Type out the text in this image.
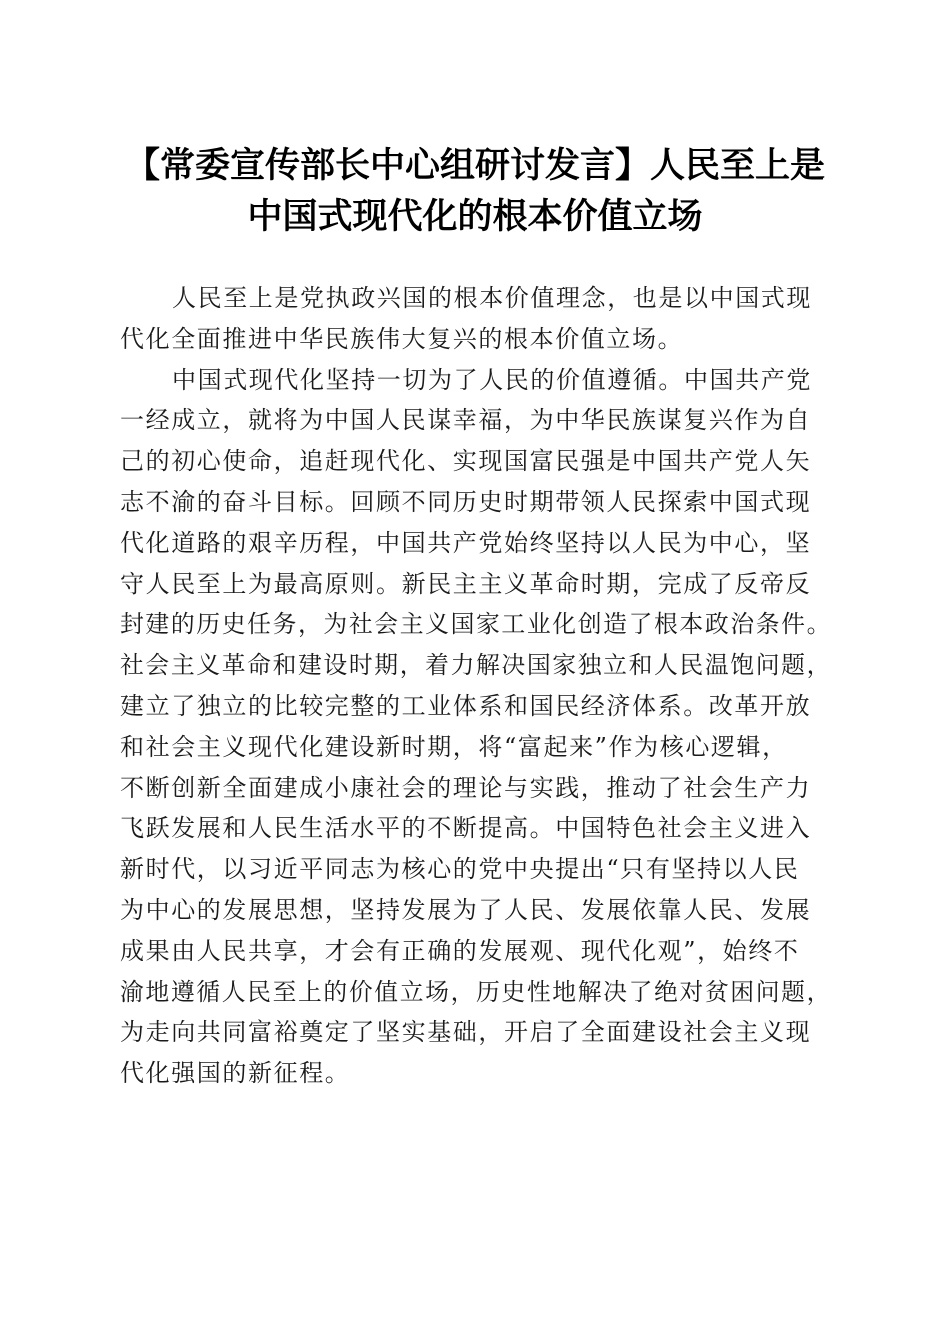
【常委宣传部长中心组研讨发言】人民至上是
中国式现代化的根本价值立场

人民至上是党执政兴国的根本价值理念，也是以中国式现
代化全面推进中华民族伟大复兴的根本价值立场。

中国式现代化坚持一切为了人民的价值遵循。中国共产党
一经成立，就将为中国人民谋幸福，为中华民族谋复兴作为自
己的初心使命，追赶现代化、实现国富民强是中国共产党人矢
志不渝的奋斗目标。回顾不同历史时期带领人民探索中国式现
代化道路的艰辛历程，中国共产党始终坚持以人民为中心，坚
守人民至上为最高原则。新民主主义革命时期，完成了反帝反
封建的历史任务，为社会主义国家工业化创造了根本政治条件。
社会主义革命和建设时期，着力解决国家独立和人民温饱问题，
建立了独立的比较完整的工业体系和国民经济体系。改革开放
和社会主义现代化建设新时期，将“富起来”作为核心逻辑，
不断创新全面建成小康社会的理论与实践，推动了社会生产力
飞跃发展和人民生活水平的不断提高。中国特色社会主义进入
新时代，以习近平同志为核心的党中央提出“只有坚持以人民
为中心的发展思想，坚持发展为了人民、发展依靠人民、发展
成果由人民共享，才会有正确的发展观、现代化观”，始终不
渝地遵循人民至上的价值立场，历史性地解决了绝对贫困问题，
为走向共同富裕奠定了坚实基础，开启了全面建设社会主义现
代化强国的新征程。
